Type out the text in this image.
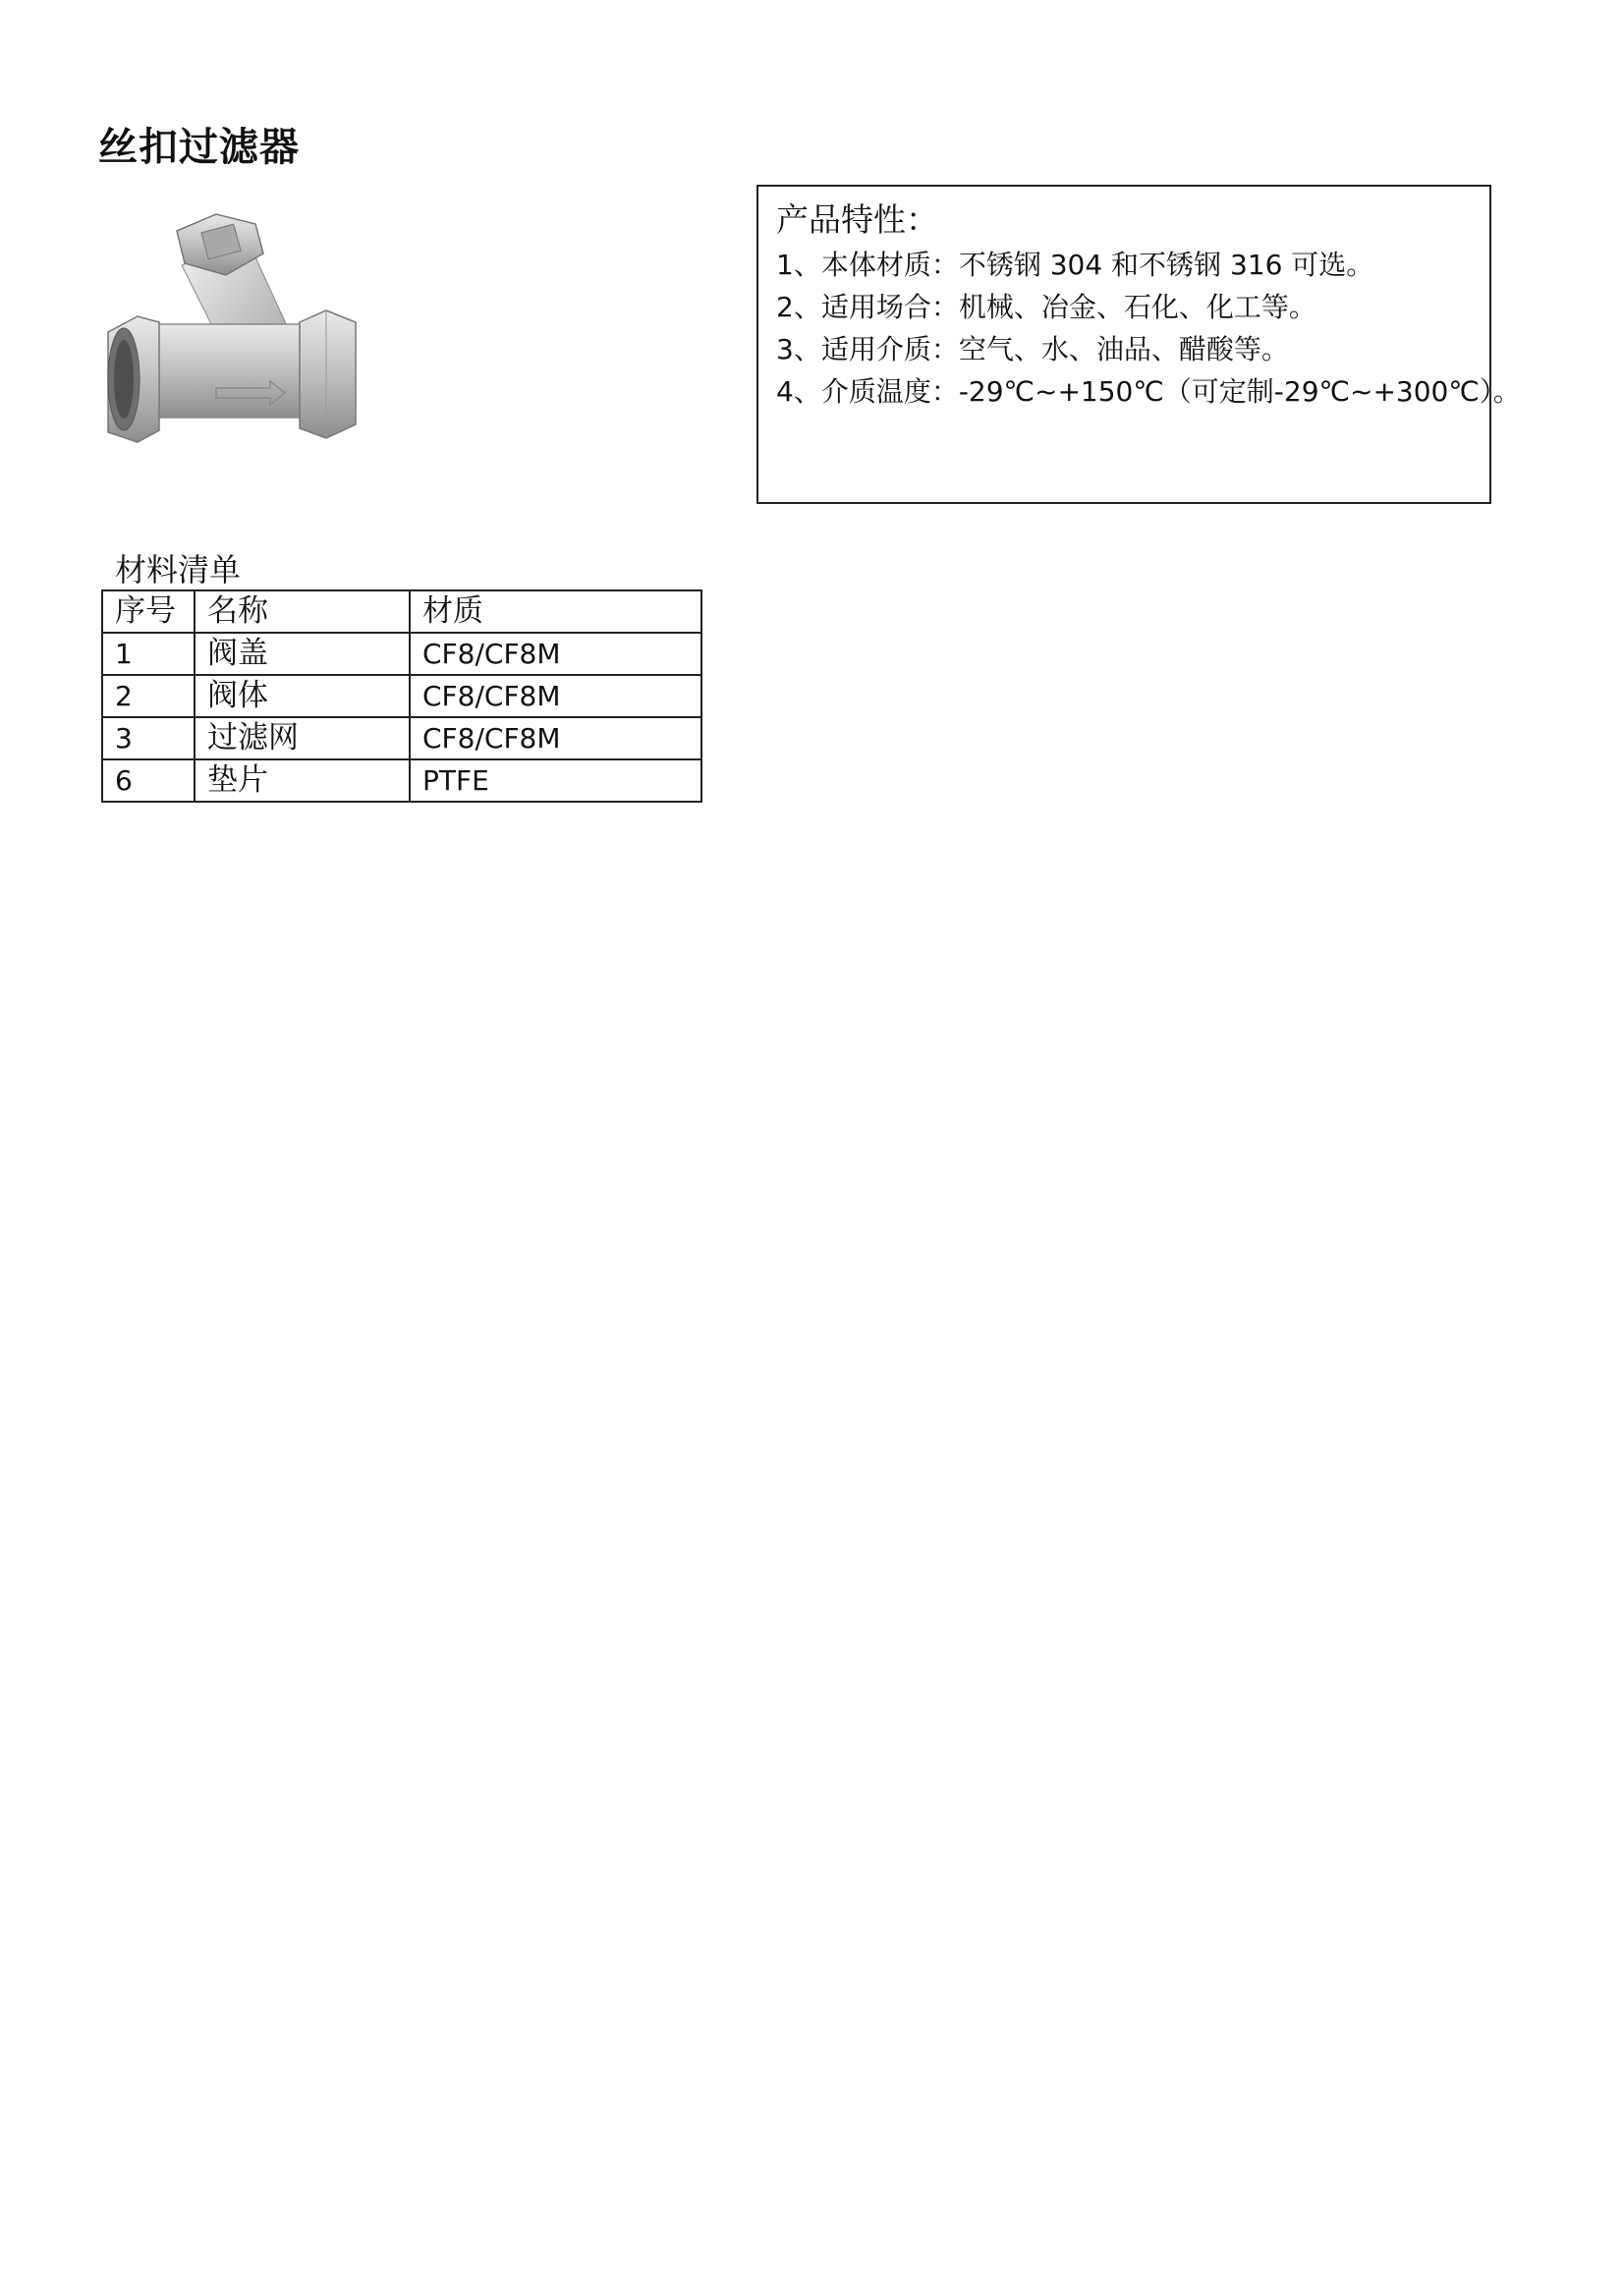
丝扣过滤器
产品特性：
1、本体材质：不锈钢 304 和不锈钢 316 可选。
2、适用场合：机械、冶金、石化、化工等。
3、适用介质：空气、水、油品、醋酸等。
4、介质温度：-29℃~+150℃（可定制-29℃~+300℃）。
材料清单
序号	名称	材质
1	阀盖	CF8/CF8M
2	阀体	CF8/CF8M
3	过滤网	CF8/CF8M
6	垫片	PTFE
